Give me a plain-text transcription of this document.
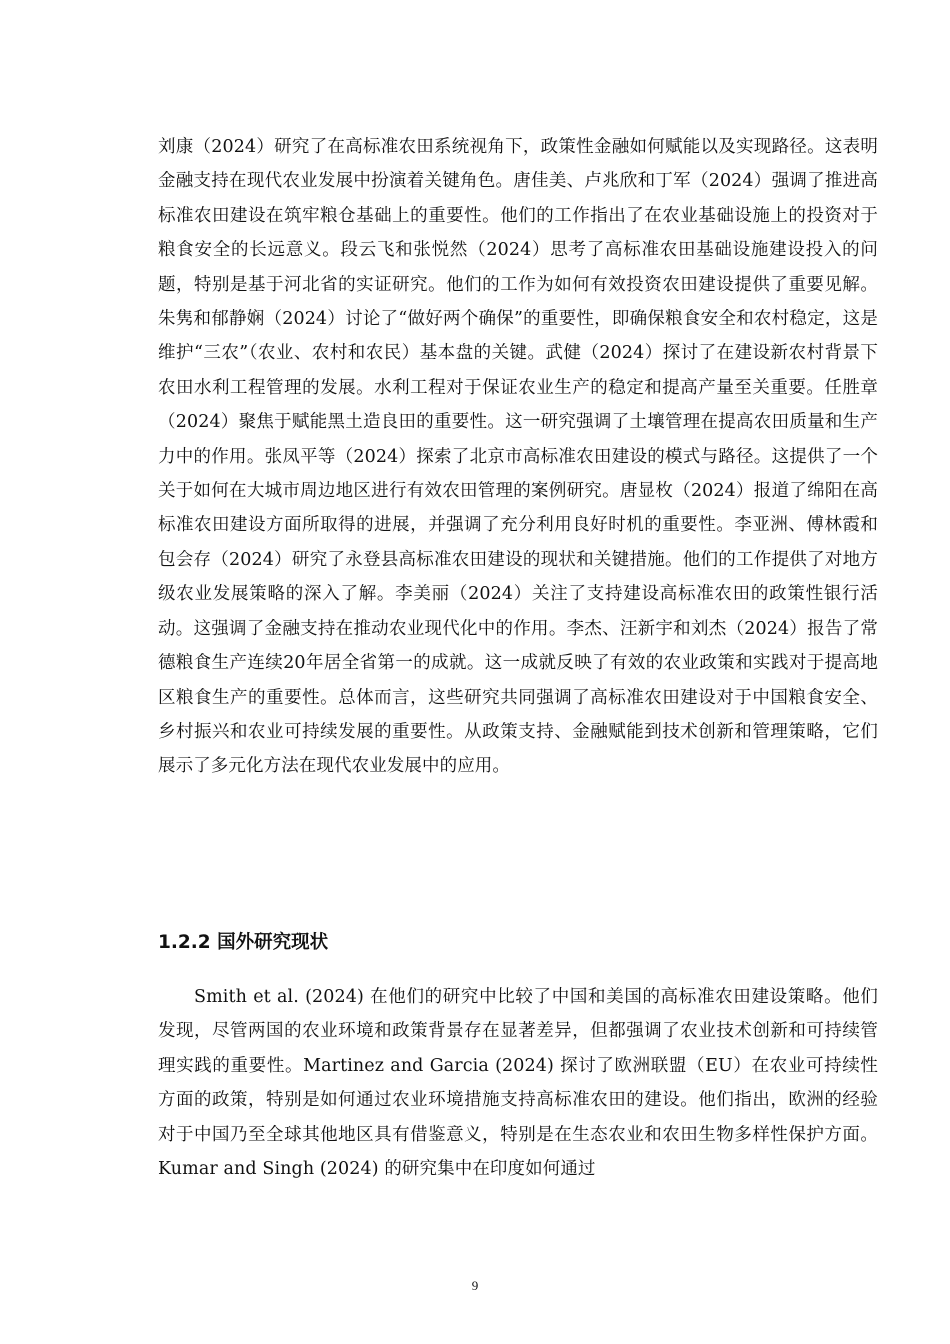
刘康（2024）研究了在高标准农田系统视角下，政策性金融如何赋能以及实现路径。这表明金融支持在现代农业发展中扮演着关键角色。唐佳美、卢兆欣和丁军（2024）强调了推进高标准农田建设在筑牢粮仓基础上的重要性。他们的工作指出了在农业基础设施上的投资对于粮食安全的长远意义。段云飞和张悦然（2024）思考了高标准农田基础设施建设投入的问题，特别是基于河北省的实证研究。他们的工作为如何有效投资农田建设提供了重要见解。朱隽和郁静娴（2024）讨论了“做好两个确保”的重要性，即确保粮食安全和农村稳定，这是维护“三农”（农业、农村和农民）基本盘的关键。武健（2024）探讨了在建设新农村背景下农田水利工程管理的发展。水利工程对于保证农业生产的稳定和提高产量至关重要。任胜章（2024）聚焦于赋能黑土造良田的重要性。这一研究强调了土壤管理在提高农田质量和生产力中的作用。张凤平等（2024）探索了北京市高标准农田建设的模式与路径。这提供了一个关于如何在大城市周边地区进行有效农田管理的案例研究。唐显枚（2024）报道了绵阳在高标准农田建设方面所取得的进展，并强调了充分利用良好时机的重要性。李亚洲、傅林霞和包会存（2024）研究了永登县高标准农田建设的现状和关键措施。他们的工作提供了对地方级农业发展策略的深入了解。李美丽（2024）关注了支持建设高标准农田的政策性银行活动。这强调了金融支持在推动农业现代化中的作用。李杰、汪新宇和刘杰（2024）报告了常德粮食生产连续20年居全省第一的成就。这一成就反映了有效的农业政策和实践对于提高地区粮食生产的重要性。总体而言，这些研究共同强调了高标准农田建设对于中国粮食安全、乡村振兴和农业可持续发展的重要性。从政策支持、金融赋能到技术创新和管理策略，它们展示了多元化方法在现代农业发展中的应用。

1.2.2 国外研究现状

Smith et al. (2024) 在他们的研究中比较了中国和美国的高标准农田建设策略。他们发现，尽管两国的农业环境和政策背景存在显著差异，但都强调了农业技术创新和可持续管理实践的重要性。Martinez and Garcia (2024) 探讨了欧洲联盟（EU）在农业可持续性方面的政策，特别是如何通过农业环境措施支持高标准农田的建设。他们指出，欧洲的经验对于中国乃至全球其他地区具有借鉴意义，特别是在生态农业和农田生物多样性保护方面。Kumar and Singh (2024) 的研究集中在印度如何通过

9
